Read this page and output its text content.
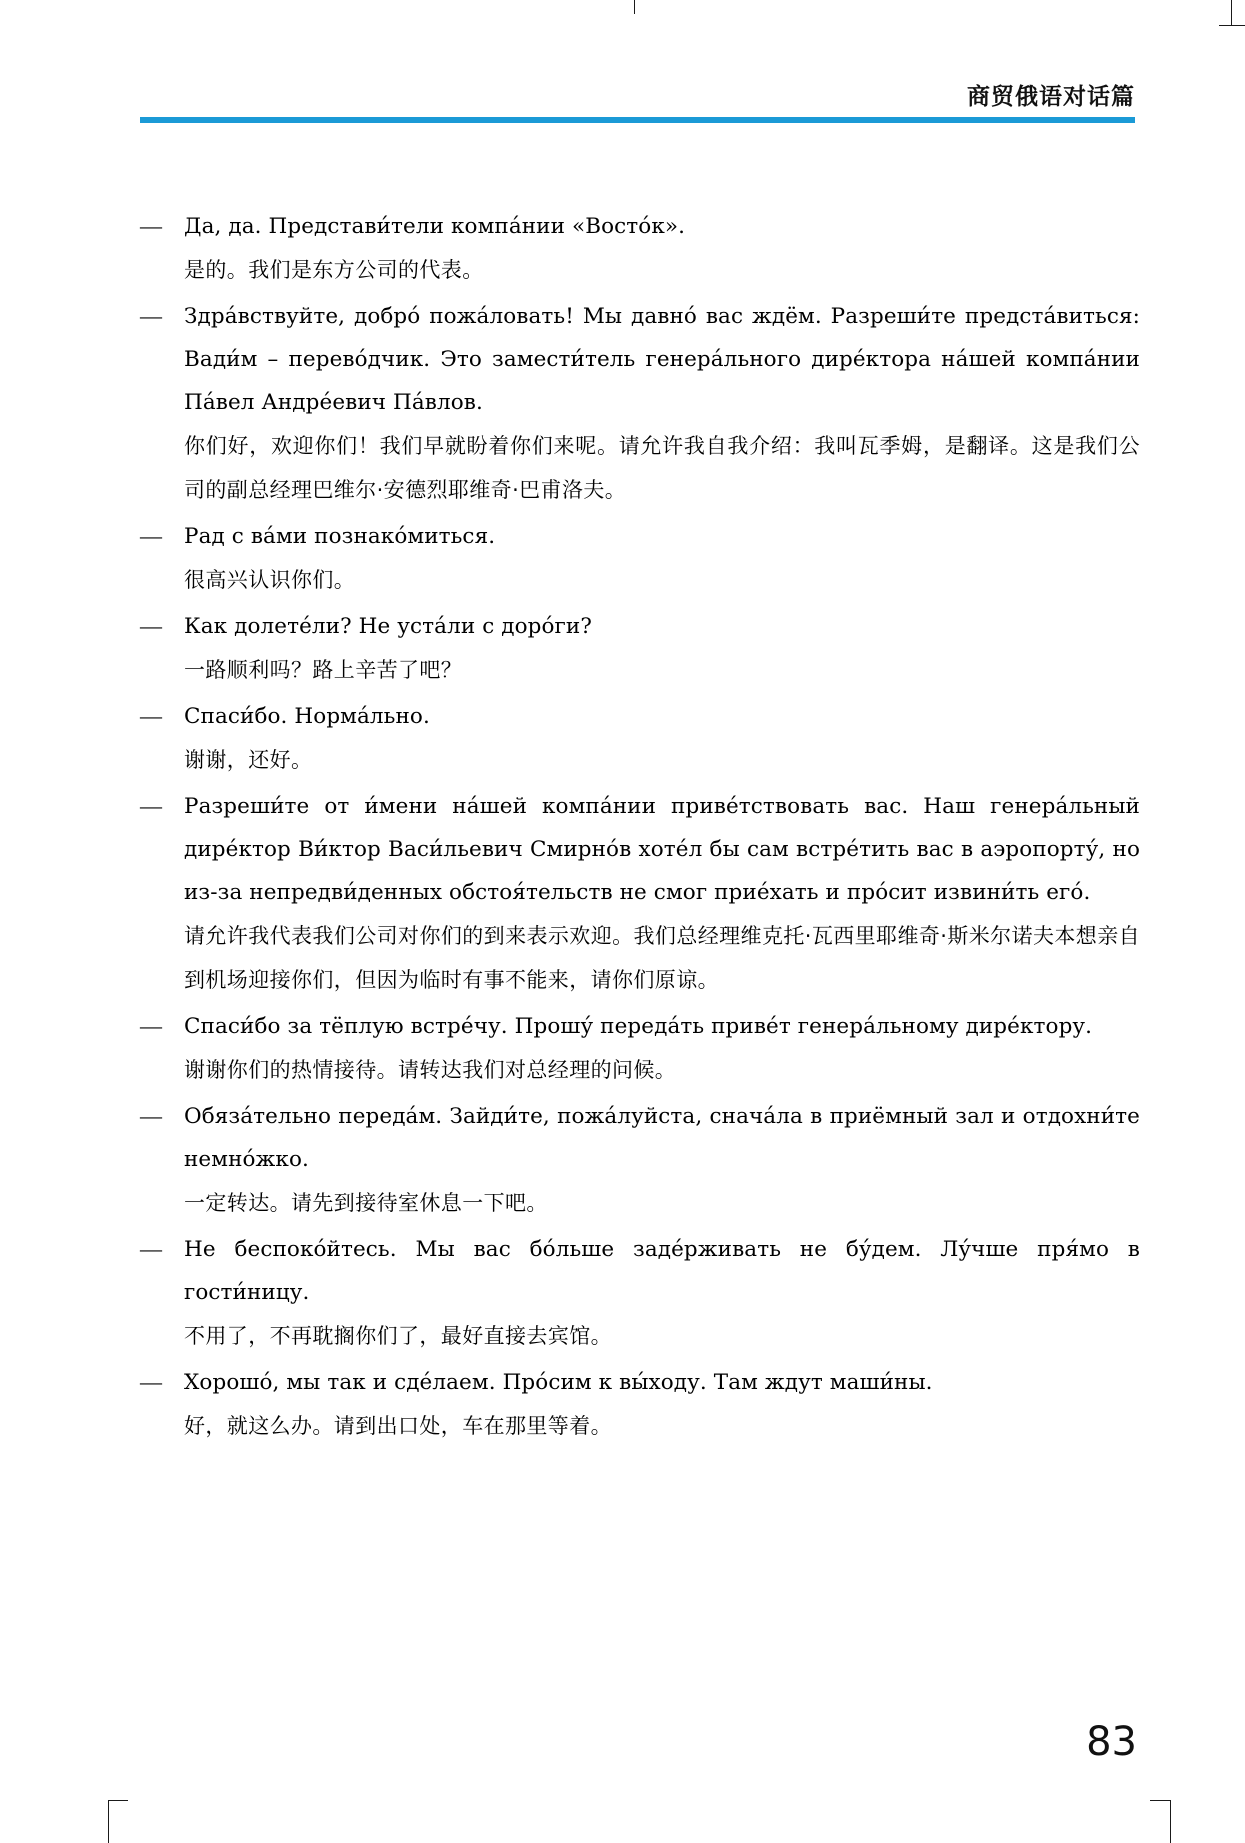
商贸俄语对话篇
—	Да, да. Представи́тели компа́нии «Восто́к».
是的。我们是东方公司的代表。
—	Здра́вствуйте, добро́ пожа́ловать! Мы давно́ вас ждём. Разреши́те предста́виться: Вади́м – перево́дчик. Это замести́тель генера́льного дире́ктора на́шей компа́нии Па́вел Андре́евич Па́влов.
你们好，欢迎你们！我们早就盼着你们来呢。请允许我自我介绍：我叫瓦季姆，是翻译。这是我们公司的副总经理巴维尔·安德烈耶维奇·巴甫洛夫。
—	Рад с ва́ми познако́миться.
很高兴认识你们。
—	Как долете́ли? Не уста́ли с доро́ги?
一路顺利吗？路上辛苦了吧？
—	Спаси́бо. Норма́льно.
谢谢，还好。
—	Разреши́те от и́мени на́шей компа́нии приве́тствовать вас. Наш генера́льный дире́ктор Ви́ктор Васи́льевич Смирно́в хоте́л бы сам встре́тить вас в аэропорту́, но из-за непредви́денных обстоя́тельств не смог прие́хать и про́сит извини́ть его́.
请允许我代表我们公司对你们的到来表示欢迎。我们总经理维克托·瓦西里耶维奇·斯米尔诺夫本想亲自到机场迎接你们，但因为临时有事不能来，请你们原谅。
—	Спаси́бо за тёплую встре́чу. Прошу́ переда́ть приве́т генера́льному дире́ктору.
谢谢你们的热情接待。请转达我们对总经理的问候。
—	Обяза́тельно переда́м. Зайди́те, пожа́луйста, снача́ла в приёмный зал и отдохни́те немно́жко.
一定转达。请先到接待室休息一下吧。
—	Не беспоко́йтесь. Мы вас бо́льше заде́рживать не бу́дем. Лу́чше пря́мо в гости́ницу.
不用了，不再耽搁你们了，最好直接去宾馆。
—	Хорошо́, мы так и сде́лаем. Про́сим к вы́ходу. Там ждут маши́ны.
好，就这么办。请到出口处，车在那里等着。
83
